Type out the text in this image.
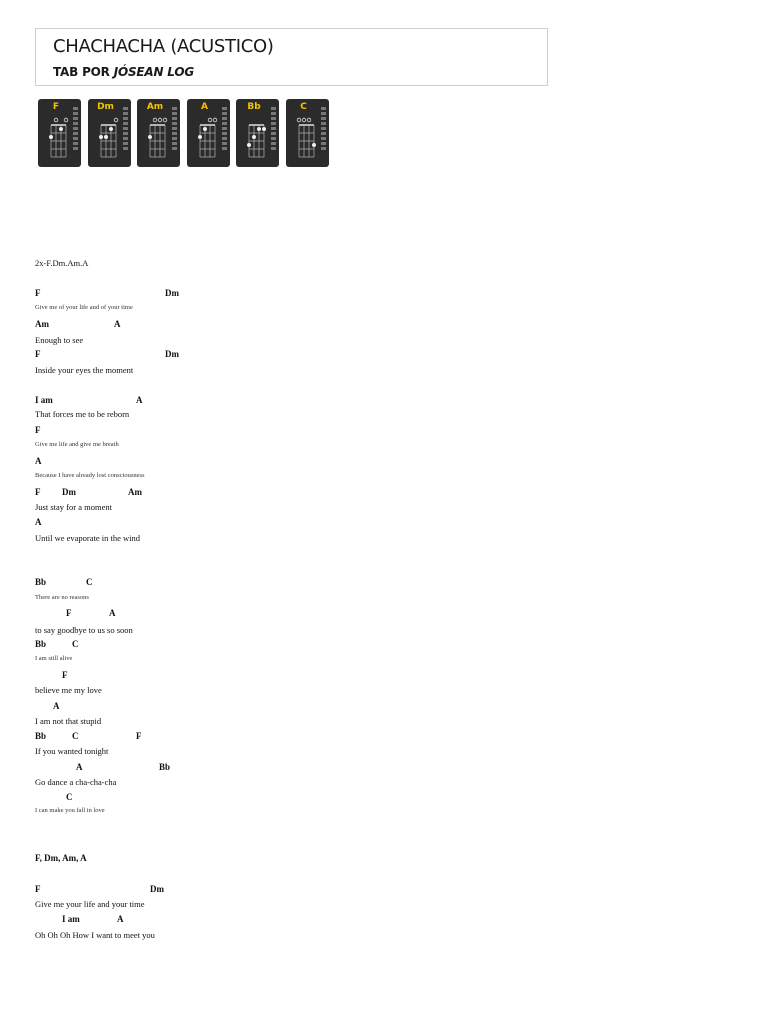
CHACHACHA (ACUSTICO)
TAB POR JÓSEAN LOG
F	Dm	Am	A	Bb	C
2x-F.Dm.Am.A
F	Dm
Give me of your life and of your time
Am	A
Enough to see
F	Dm
Inside your eyes the moment
I am	A
That forces me to be reborn
F
Give me life and give me breath
A
Because I have already lost consciousness
F Dm	Am
Just stay for a moment
A
Until we evaporate in the wind
Bb	C
There are no reasons
F	A
to say goodbye to us so soon
Bb	C
I am still alive
F
believe me my love
A
I am not that stupid
Bb	C	F
If you wanted tonight
A	Bb
Go dance a cha-cha-cha
C
I can make you fall in love
F, Dm, Am, A
F	Dm
Give me your life and your time
I am	A
Oh Oh Oh How I want to meet you
